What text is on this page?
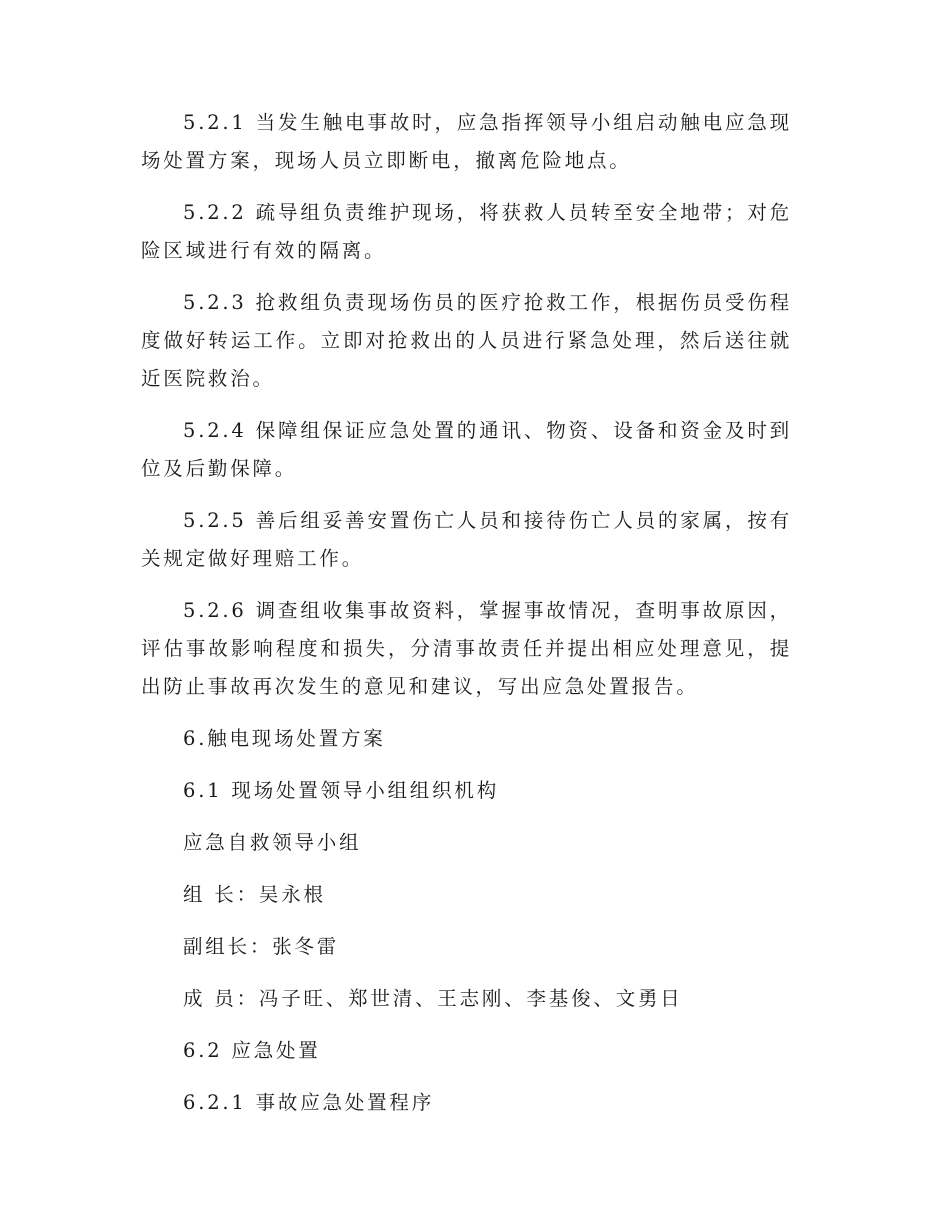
5.2.1 当发生触电事故时，应急指挥领导小组启动触电应急现场处置方案，现场人员立即断电，撤离危险地点。

5.2.2 疏导组负责维护现场，将获救人员转至安全地带；对危险区域进行有效的隔离。

5.2.3 抢救组负责现场伤员的医疗抢救工作，根据伤员受伤程度做好转运工作。立即对抢救出的人员进行紧急处理，然后送往就近医院救治。

5.2.4 保障组保证应急处置的通讯、物资、设备和资金及时到位及后勤保障。

5.2.5 善后组妥善安置伤亡人员和接待伤亡人员的家属，按有关规定做好理赔工作。

5.2.6 调查组收集事故资料，掌握事故情况，查明事故原因，评估事故影响程度和损失，分清事故责任并提出相应处理意见，提出防止事故再次发生的意见和建议，写出应急处置报告。

6.触电现场处置方案

6.1 现场处置领导小组组织机构

应急自救领导小组

组 长：吴永根

副组长：张冬雷

成 员：冯子旺、郑世清、王志刚、李基俊、文勇日

6.2 应急处置

6.2.1 事故应急处置程序
